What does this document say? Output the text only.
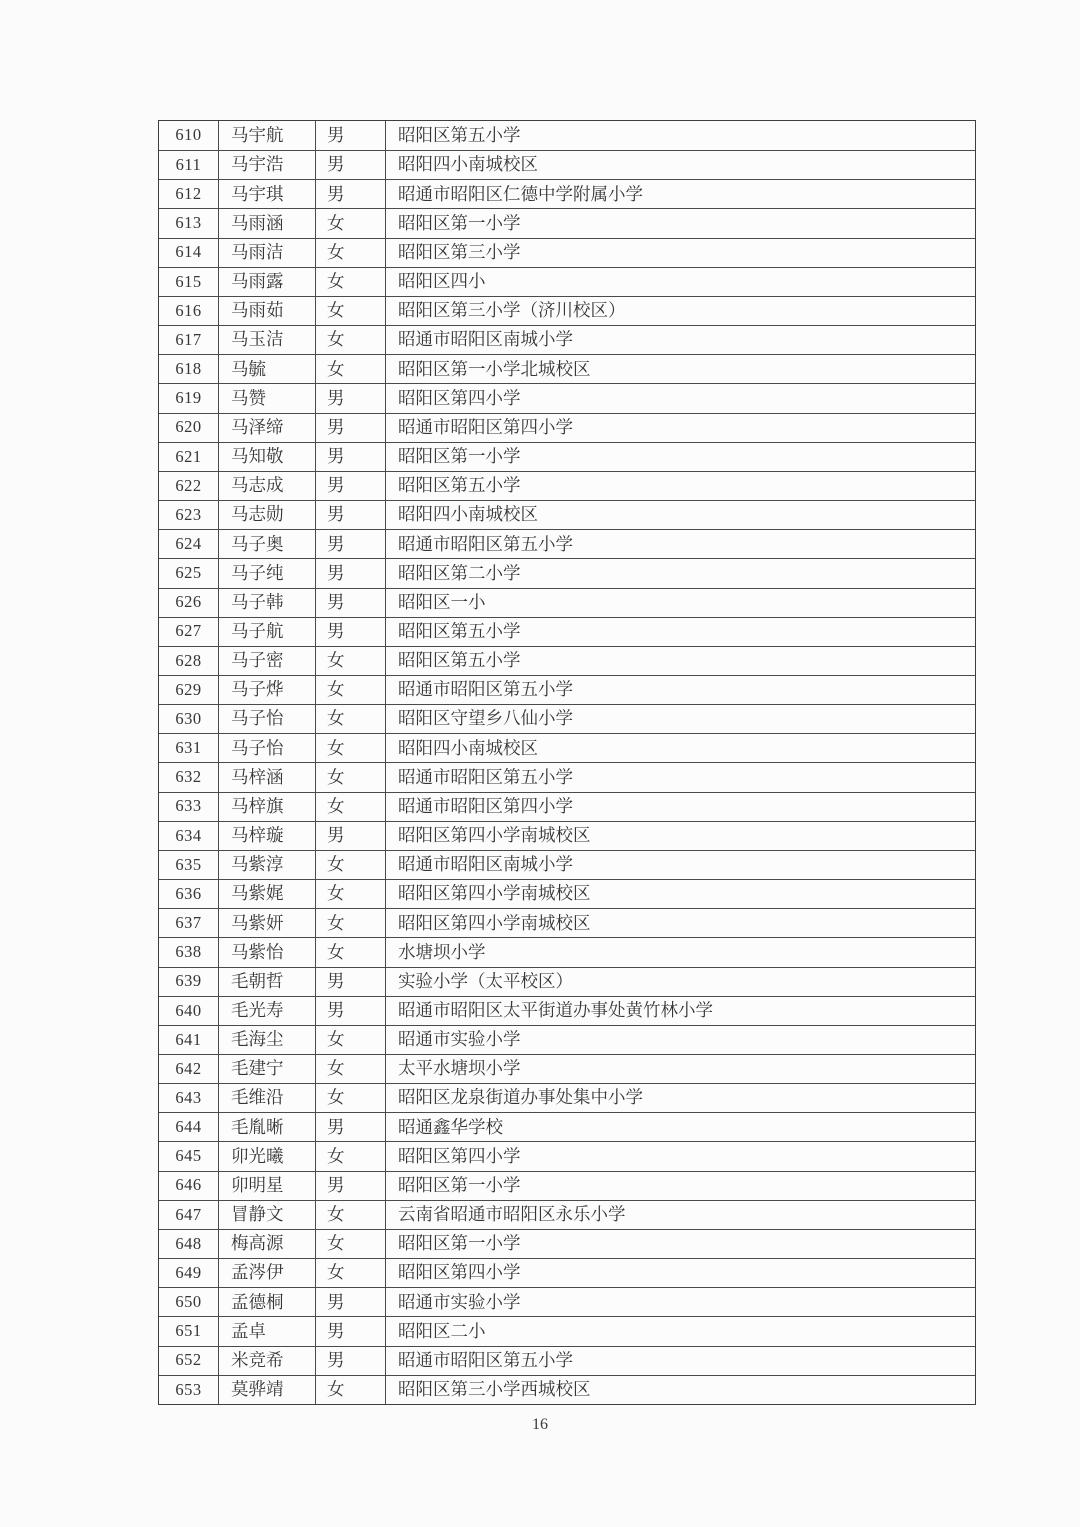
610	马宇航	男	昭阳区第五小学
611	马宇浩	男	昭阳四小南城校区
612	马宇琪	男	昭通市昭阳区仁德中学附属小学
613	马雨涵	女	昭阳区第一小学
614	马雨洁	女	昭阳区第三小学
615	马雨露	女	昭阳区四小
616	马雨茹	女	昭阳区第三小学（济川校区）
617	马玉洁	女	昭通市昭阳区南城小学
618	马毓	女	昭阳区第一小学北城校区
619	马赞	男	昭阳区第四小学
620	马泽缔	男	昭通市昭阳区第四小学
621	马知敬	男	昭阳区第一小学
622	马志成	男	昭阳区第五小学
623	马志勋	男	昭阳四小南城校区
624	马子奥	男	昭通市昭阳区第五小学
625	马子纯	男	昭阳区第二小学
626	马子韩	男	昭阳区一小
627	马子航	男	昭阳区第五小学
628	马子密	女	昭阳区第五小学
629	马子烨	女	昭通市昭阳区第五小学
630	马子怡	女	昭阳区守望乡八仙小学
631	马子怡	女	昭阳四小南城校区
632	马梓涵	女	昭通市昭阳区第五小学
633	马梓旗	女	昭通市昭阳区第四小学
634	马梓璇	男	昭阳区第四小学南城校区
635	马紫淳	女	昭通市昭阳区南城小学
636	马紫娓	女	昭阳区第四小学南城校区
637	马紫妍	女	昭阳区第四小学南城校区
638	马紫怡	女	水塘坝小学
639	毛朝哲	男	实验小学（太平校区）
640	毛光寿	男	昭通市昭阳区太平街道办事处黄竹林小学
641	毛海尘	女	昭通市实验小学
642	毛建宁	女	太平水塘坝小学
643	毛维沿	女	昭阳区龙泉街道办事处集中小学
644	毛胤晰	男	昭通鑫华学校
645	卯光曦	女	昭阳区第四小学
646	卯明星	男	昭阳区第一小学
647	冒静文	女	云南省昭通市昭阳区永乐小学
648	梅高源	女	昭阳区第一小学
649	孟涔伊	女	昭阳区第四小学
650	孟德桐	男	昭通市实验小学
651	孟卓	男	昭阳区二小
652	米竞希	男	昭通市昭阳区第五小学
653	莫骅靖	女	昭阳区第三小学西城校区
16
